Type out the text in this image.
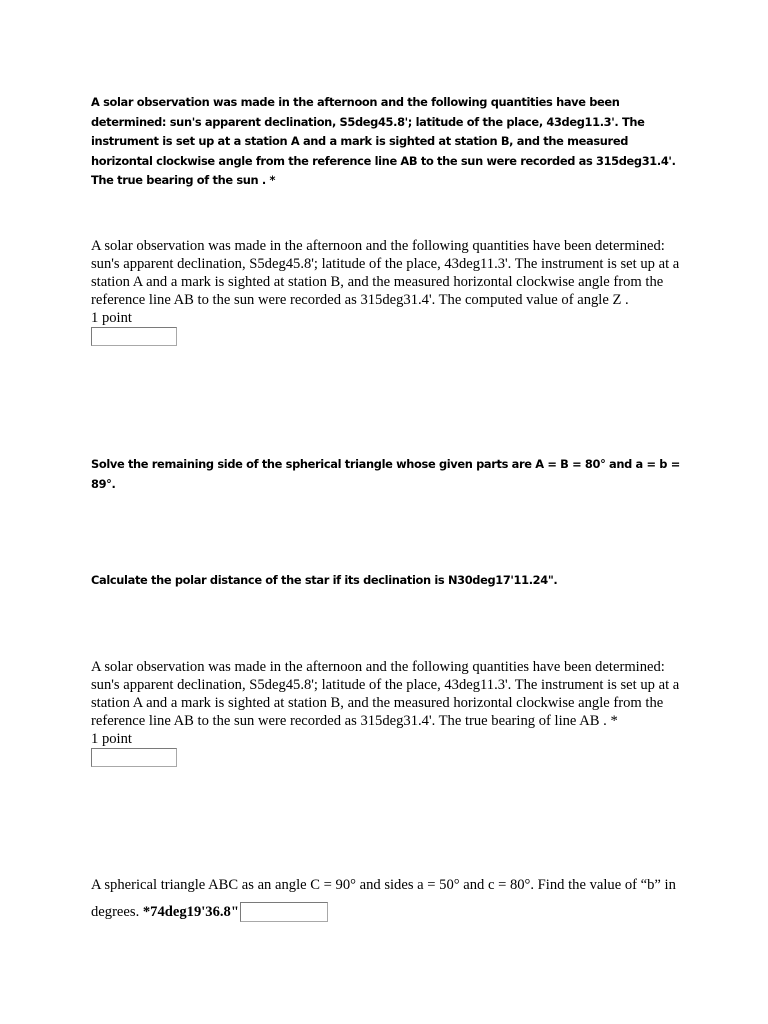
A solar observation was made in the afternoon and the following quantities have been determined: sun's apparent declination, S5deg45.8'; latitude of the place, 43deg11.3'. The instrument is set up at a station A and a mark is sighted at station B, and the measured horizontal clockwise angle from the reference line AB to the sun were recorded as 315deg31.4'. The true bearing of the sun . *
A solar observation was made in the afternoon and the following quantities have been determined: sun's apparent declination, S5deg45.8'; latitude of the place, 43deg11.3'. The instrument is set up at a station A and a mark is sighted at station B, and the measured horizontal clockwise angle from the reference line AB to the sun were recorded as 315deg31.4'. The computed value of angle Z .
1 point
Solve the remaining side of the spherical triangle whose given parts are A = B = 80° and a = b = 89°.
Calculate the polar distance of the star if its declination is N30deg17'11.24".
A solar observation was made in the afternoon and the following quantities have been determined: sun's apparent declination, S5deg45.8'; latitude of the place, 43deg11.3'. The instrument is set up at a station A and a mark is sighted at station B, and the measured horizontal clockwise angle from the reference line AB to the sun were recorded as 315deg31.4'. The true bearing of line AB . *
1 point
A spherical triangle ABC as an angle C = 90° and sides a = 50° and c = 80°. Find the value of “b” in degrees. *74deg19'36.8"
